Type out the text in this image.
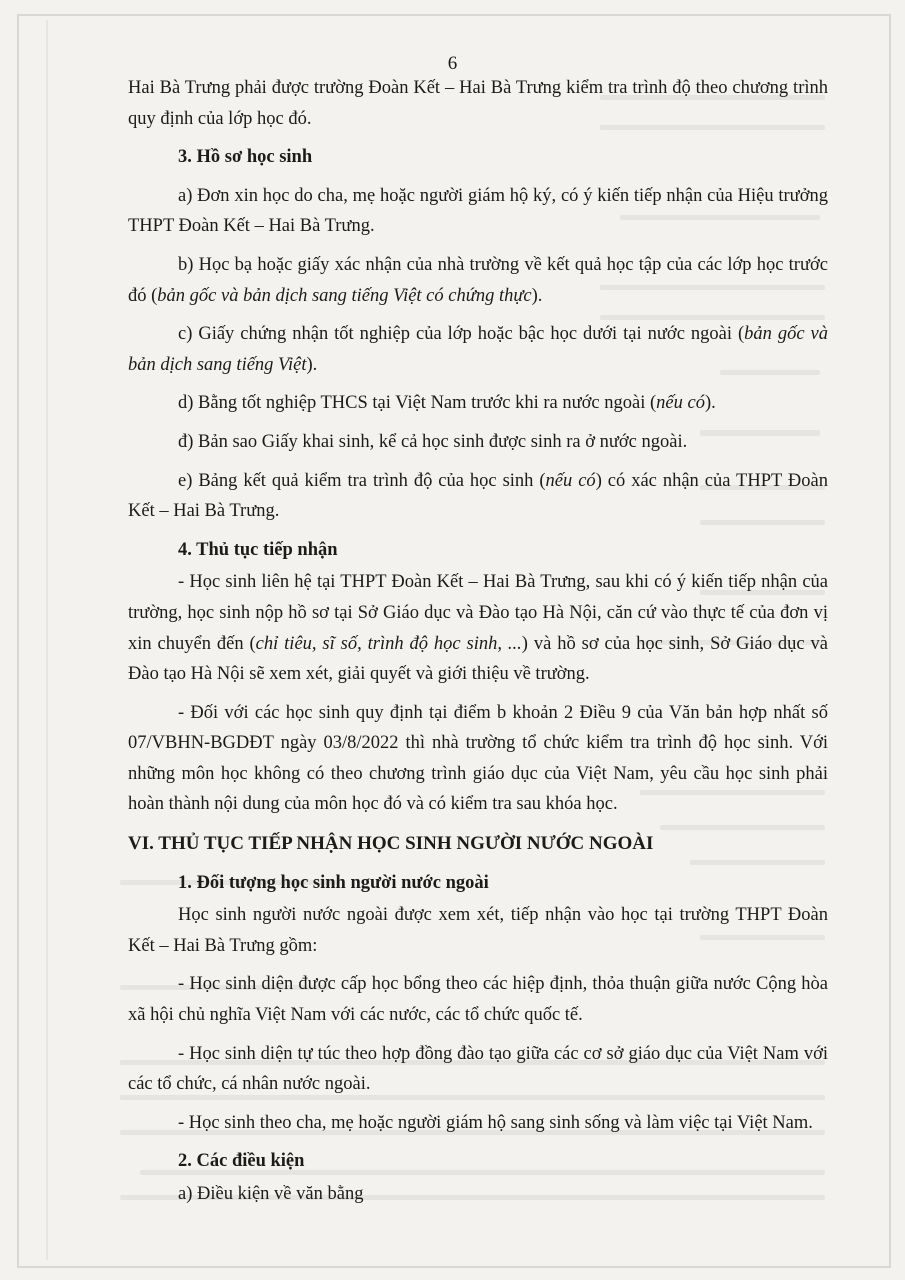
6

Hai Bà Trưng phải được trường Đoàn Kết – Hai Bà Trưng kiểm tra trình độ theo chương trình quy định của lớp học đó.

3. Hồ sơ học sinh

a) Đơn xin học do cha, mẹ hoặc người giám hộ ký, có ý kiến tiếp nhận của Hiệu trưởng THPT Đoàn Kết – Hai Bà Trưng.

b) Học bạ hoặc giấy xác nhận của nhà trường về kết quả học tập của các lớp học trước đó (bản gốc và bản dịch sang tiếng Việt có chứng thực).

c) Giấy chứng nhận tốt nghiệp của lớp hoặc bậc học dưới tại nước ngoài (bản gốc và bản dịch sang tiếng Việt).

d) Bằng tốt nghiệp THCS tại Việt Nam trước khi ra nước ngoài (nếu có).

đ) Bản sao Giấy khai sinh, kể cả học sinh được sinh ra ở nước ngoài.

e) Bảng kết quả kiểm tra trình độ của học sinh (nếu có) có xác nhận của THPT Đoàn Kết – Hai Bà Trưng.

4. Thủ tục tiếp nhận

- Học sinh liên hệ tại THPT Đoàn Kết – Hai Bà Trưng, sau khi có ý kiến tiếp nhận của trường, học sinh nộp hồ sơ tại Sở Giáo dục và Đào tạo Hà Nội, căn cứ vào thực tế của đơn vị xin chuyển đến (chỉ tiêu, sĩ số, trình độ học sinh, ...) và hồ sơ của học sinh, Sở Giáo dục và Đào tạo Hà Nội sẽ xem xét, giải quyết và giới thiệu về trường.

- Đối với các học sinh quy định tại điểm b khoản 2 Điều 9 của Văn bản hợp nhất số 07/VBHN-BGDĐT ngày 03/8/2022 thì nhà trường tổ chức kiểm tra trình độ học sinh. Với những môn học không có theo chương trình giáo dục của Việt Nam, yêu cầu học sinh phải hoàn thành nội dung của môn học đó và có kiểm tra sau khóa học.

VI. THỦ TỤC TIẾP NHẬN HỌC SINH NGƯỜI NƯỚC NGOÀI

1. Đối tượng học sinh người nước ngoài

Học sinh người nước ngoài được xem xét, tiếp nhận vào học tại trường THPT Đoàn Kết – Hai Bà Trưng gồm:

- Học sinh diện được cấp học bổng theo các hiệp định, thỏa thuận giữa nước Cộng hòa xã hội chủ nghĩa Việt Nam với các nước, các tổ chức quốc tế.

- Học sinh diện tự túc theo hợp đồng đào tạo giữa các cơ sở giáo dục của Việt Nam với các tổ chức, cá nhân nước ngoài.

- Học sinh theo cha, mẹ hoặc người giám hộ sang sinh sống và làm việc tại Việt Nam.

2. Các điều kiện

a) Điều kiện về văn bằng
